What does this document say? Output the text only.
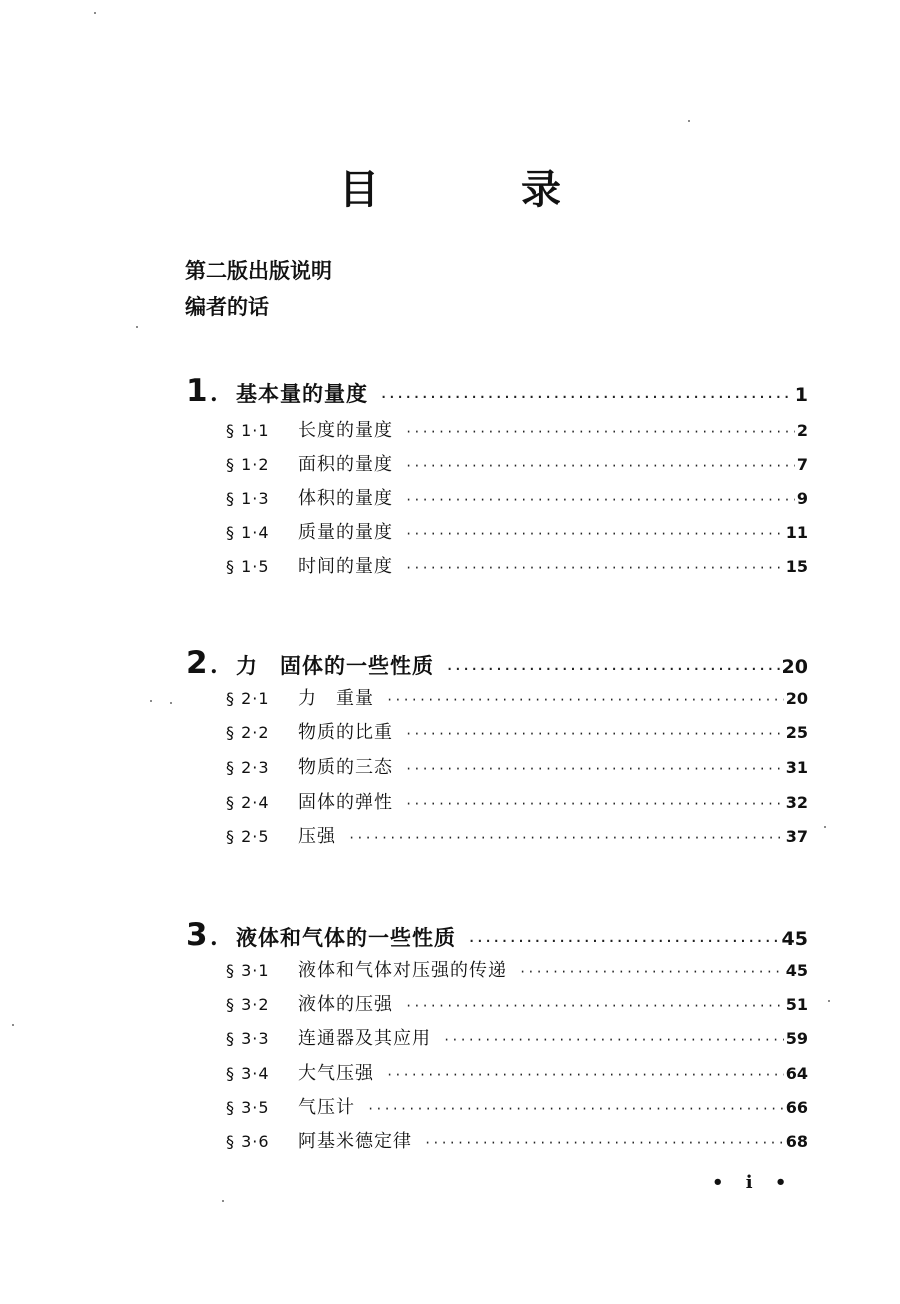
目 录
第二版出版说明
编者的话
1 . 基本量的量度 ·····	1
§ 1·1	长度的量度 ·····	2
§ 1·2	面积的量度 ·····	7
§ 1·3	体积的量度 ·····	9
§ 1·4	质量的量度 ·····	11
§ 1·5	时间的量度 ·····	15
2 . 力　固体的一些性质 ·····	20
§ 2·1	力　重量 ·····	20
§ 2·2	物质的比重 ·····	25
§ 2·3	物质的三态 ·····	31
§ 2·4	固体的弹性 ·····	32
§ 2·5	压强 ·····	37
3 . 液体和气体的一些性质 ·····	45
§ 3·1	液体和气体对压强的传递 ·····	45
§ 3·2	液体的压强 ·····	51
§ 3·3	连通器及其应用 ·····	59
§ 3·4	大气压强 ·····	64
§ 3·5	气压计 ·····	66
§ 3·6	阿基米德定律 ·····	68
• i •
